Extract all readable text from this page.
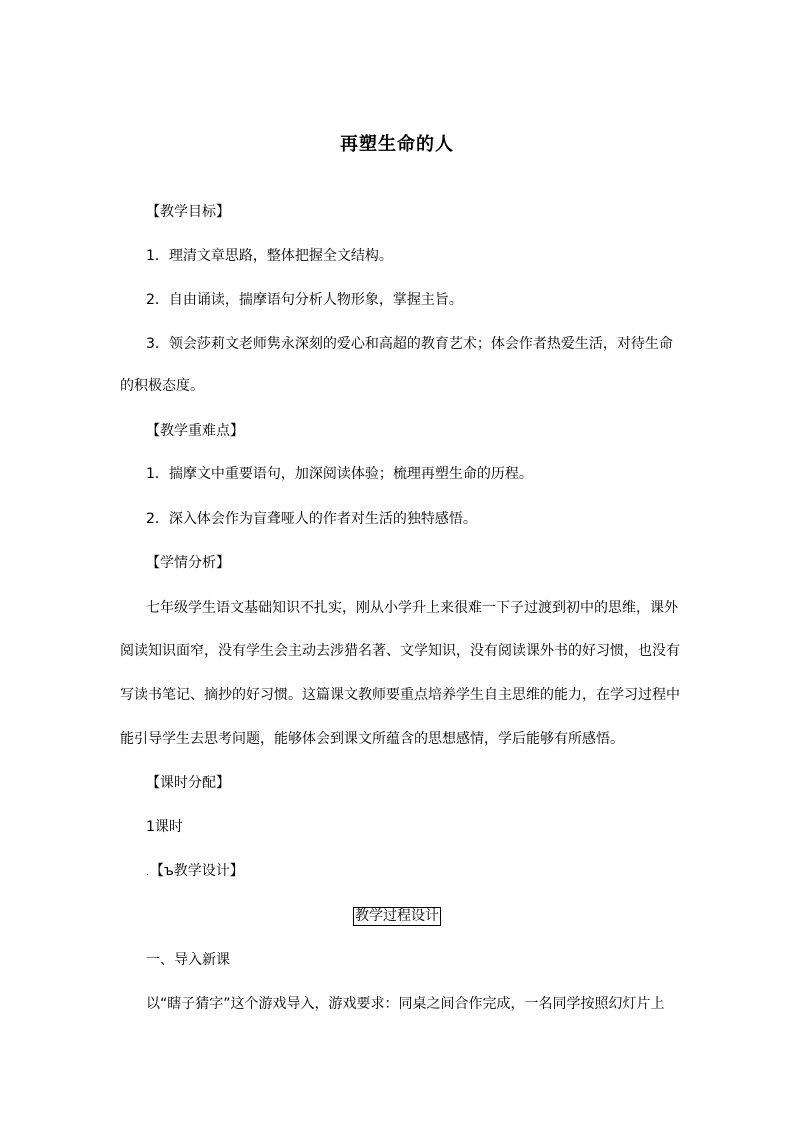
再塑生命的人
【教学目标】
1．理清文章思路，整体把握全文结构。
2．自由诵读，揣摩语句分析人物形象，掌握主旨。
3．领会莎莉文老师隽永深刻的爱心和高超的教育艺术；体会作者热爱生活，对待生命
的积极态度。
【教学重难点】
1．揣摩文中重要语句，加深阅读体验；梳理再塑生命的历程。
2．深入体会作为盲聋哑人的作者对生活的独特感悟。
【学情分析】
七年级学生语文基础知识不扎实，刚从小学升上来很难一下子过渡到初中的思维，课外
阅读知识面窄，没有学生会主动去涉猎名著、文学知识，没有阅读课外书的好习惯，也没有
写读书笔记、摘抄的好习惯。这篇课文教师要重点培养学生自主思维的能力，在学习过程中
能引导学生去思考问题，能够体会到课文所蕴含的思想感情，学后能够有所感悟。
【课时分配】
1课时
.【ъ教学设计】
教学过程设计
一、导入新课
以“瞎子猜字”这个游戏导入，游戏要求：同桌之间合作完成，一名同学按照幻灯片上
